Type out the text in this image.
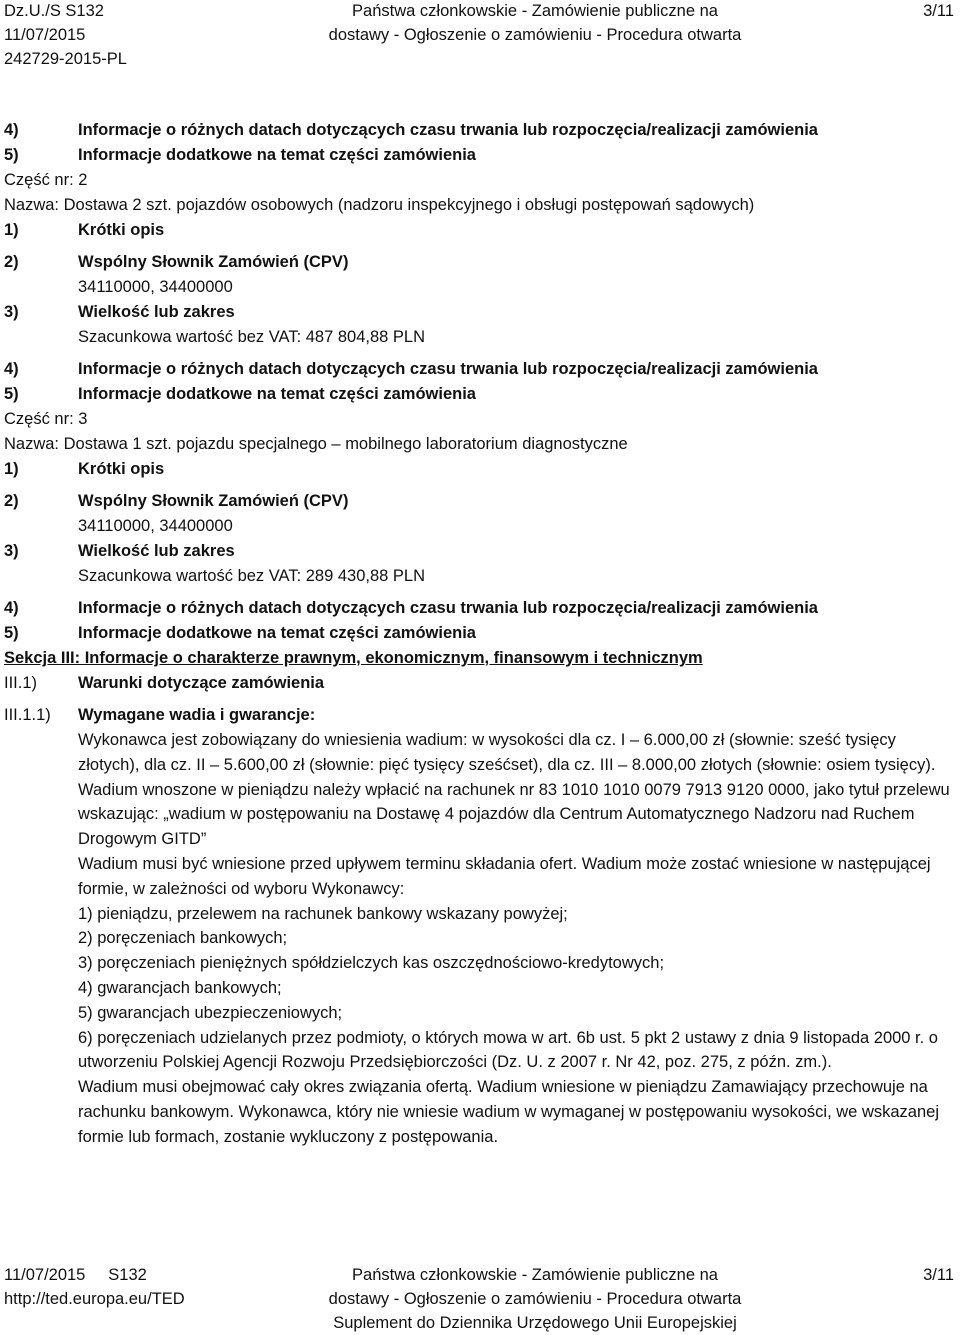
Dz.U./S S132
11/07/2015
242729-2015-PL
Państwa członkowskie - Zamówienie publiczne na
dostawy - Ogłoszenie o zamówieniu - Procedura otwarta
3/11
4)	Informacje o różnych datach dotyczących czasu trwania lub rozpoczęcia/realizacji zamówienia
5)	Informacje dodatkowe na temat części zamówienia
Część nr: 2
Nazwa: Dostawa 2 szt. pojazdów osobowych (nadzoru inspekcyjnego i obsługi postępowań sądowych)
1)	Krótki opis
2)	Wspólny Słownik Zamówień (CPV)
34110000, 34400000
3)	Wielkość lub zakres
Szacunkowa wartość bez VAT: 487 804,88 PLN
4)	Informacje o różnych datach dotyczących czasu trwania lub rozpoczęcia/realizacji zamówienia
5)	Informacje dodatkowe na temat części zamówienia
Część nr: 3
Nazwa: Dostawa 1 szt. pojazdu specjalnego – mobilnego laboratorium diagnostyczne
1)	Krótki opis
2)	Wspólny Słownik Zamówień (CPV)
34110000, 34400000
3)	Wielkość lub zakres
Szacunkowa wartość bez VAT: 289 430,88 PLN
4)	Informacje o różnych datach dotyczących czasu trwania lub rozpoczęcia/realizacji zamówienia
5)	Informacje dodatkowe na temat części zamówienia
Sekcja III: Informacje o charakterze prawnym, ekonomicznym, finansowym i technicznym
III.1) Warunki dotyczące zamówienia
III.1.1) Wymagane wadia i gwarancje:
Wykonawca jest zobowiązany do wniesienia wadium: w wysokości dla cz. I – 6.000,00 zł (słownie: sześć tysięcy złotych), dla cz. II – 5.600,00 zł (słownie: pięć tysięcy sześćset), dla cz. III – 8.000,00 złotych (słownie: osiem tysięcy).
Wadium wnoszone w pieniądzu należy wpłacić na rachunek nr 83 1010 1010 0079 7913 9120 0000, jako tytuł przelewu wskazując: „wadium w postępowaniu na Dostawę 4 pojazdów dla Centrum Automatycznego Nadzoru nad Ruchem Drogowym GITD”
Wadium musi być wniesione przed upływem terminu składania ofert. Wadium może zostać wniesione w następującej formie, w zależności od wyboru Wykonawcy:
1) pieniądzu, przelewem na rachunek bankowy wskazany powyżej;
2) poręczeniach bankowych;
3) poręczeniach pieniężnych spółdzielczych kas oszczędnościowo-kredytowych;
4) gwarancjach bankowych;
5) gwarancjach ubezpieczeniowych;
6) poręczeniach udzielanych przez podmioty, o których mowa w art. 6b ust. 5 pkt 2 ustawy z dnia 9 listopada 2000 r. o utworzeniu Polskiej Agencji Rozwoju Przedsiębiorczości (Dz. U. z 2007 r. Nr 42, poz. 275, z późn. zm.).
Wadium musi obejmować cały okres związania ofertą. Wadium wniesione w pieniądzu Zamawiający przechowuje na rachunku bankowym. Wykonawca, który nie wniesie wadium w wymaganej w postępowaniu wysokości, we wskazanej formie lub formach, zostanie wykluczony z postępowania.
11/07/2015     S132
http://ted.europa.eu/TED
Państwa członkowskie - Zamówienie publiczne na
dostawy - Ogłoszenie o zamówieniu - Procedura otwarta
Suplement do Dziennika Urzędowego Unii Europejskiej
3/11
